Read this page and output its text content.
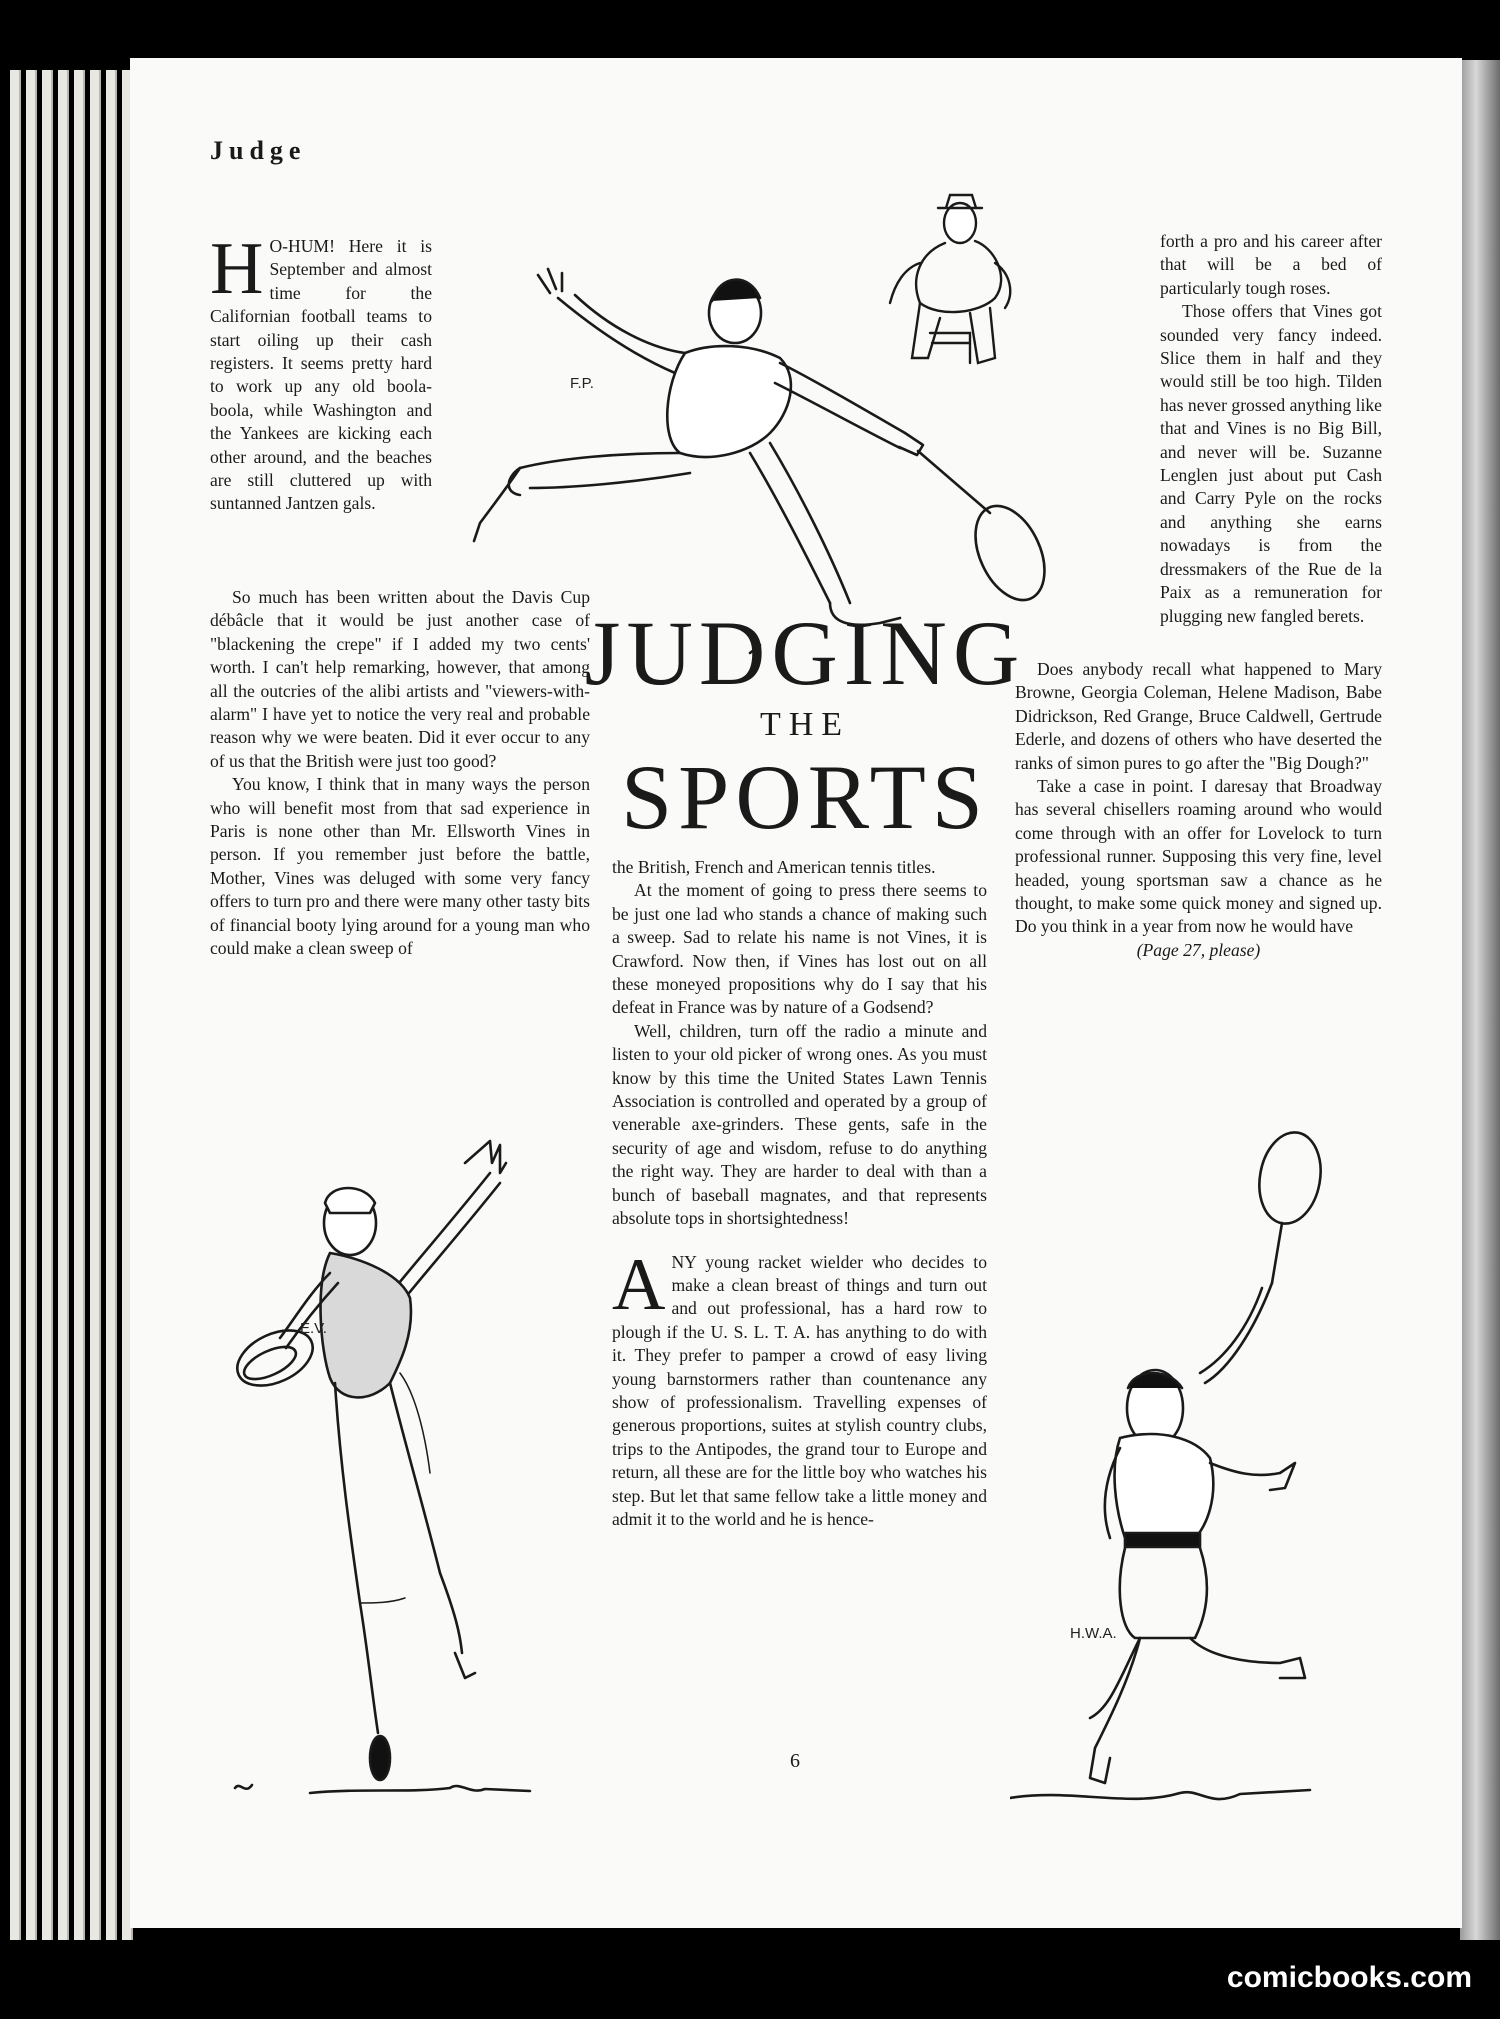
Judge
F.P.
E.V.
H.W.A.

H O-HUM! Here it is September and almost time for the Californian football teams to start oiling up their cash registers. It seems pretty hard to work up any old boola-boola, while Washington and the Yankees are kicking each other around, and the beaches are still cluttered up with suntanned Jantzen gals.

So much has been written about the Davis Cup débâcle that it would be just another case of "blackening the crepe" if I added my two cents' worth. I can't help remarking, however, that among all the outcries of the alibi artists and "viewers-with-alarm" I have yet to notice the very real and probable reason why we were beaten. Did it ever occur to any of us that the British were just too good?

You know, I think that in many ways the person who will benefit most from that sad experience in Paris is none other than Mr. Ellsworth Vines in person. If you remember just before the battle, Mother, Vines was deluged with some very fancy offers to turn pro and there were many other tasty bits of financial booty lying around for a young man who could make a clean sweep of

JUDGING
THE
SPORTS

the British, French and American tennis titles.

At the moment of going to press there seems to be just one lad who stands a chance of making such a sweep. Sad to relate his name is not Vines, it is Crawford. Now then, if Vines has lost out on all these moneyed propositions why do I say that his defeat in France was by nature of a Godsend?

Well, children, turn off the radio a minute and listen to your old picker of wrong ones. As you must know by this time the United States Lawn Tennis Association is controlled and operated by a group of venerable axe-grinders. These gents, safe in the security of age and wisdom, refuse to do anything the right way. They are harder to deal with than a bunch of baseball magnates, and that represents absolute tops in shortsightedness!

ANY young racket wielder who decides to make a clean breast of things and turn out and out professional, has a hard row to plough if the U. S. L. T. A. has anything to do with it. They prefer to pamper a crowd of easy living young barnstormers rather than countenance any show of professionalism. Travelling expenses of generous proportions, suites at stylish country clubs, trips to the Antipodes, the grand tour to Europe and return, all these are for the little boy who watches his step. But let that same fellow take a little money and admit it to the world and he is hence-

forth a pro and his career after that will be a bed of particularly tough roses.

Those offers that Vines got sounded very fancy indeed. Slice them in half and they would still be too high. Tilden has never grossed anything like that and Vines is no Big Bill, and never will be. Suzanne Lenglen just about put Cash and Carry Pyle on the rocks and anything she earns nowadays is from the dressmakers of the Rue de la Paix as a remuneration for plugging new fangled berets.

Does anybody recall what happened to Mary Browne, Georgia Coleman, Helene Madison, Babe Didrickson, Red Grange, Bruce Caldwell, Gertrude Ederle, and dozens of others who have deserted the ranks of simon pures to go after the "Big Dough?"

Take a case in point. I daresay that Broadway has several chisellers roaming around who would come through with an offer for Lovelock to turn professional runner. Supposing this very fine, level headed, young sportsman saw a chance as he thought, to make some quick money and signed up. Do you think in a year from now he would have

(Page 27, please)

6
comicbooks.com
